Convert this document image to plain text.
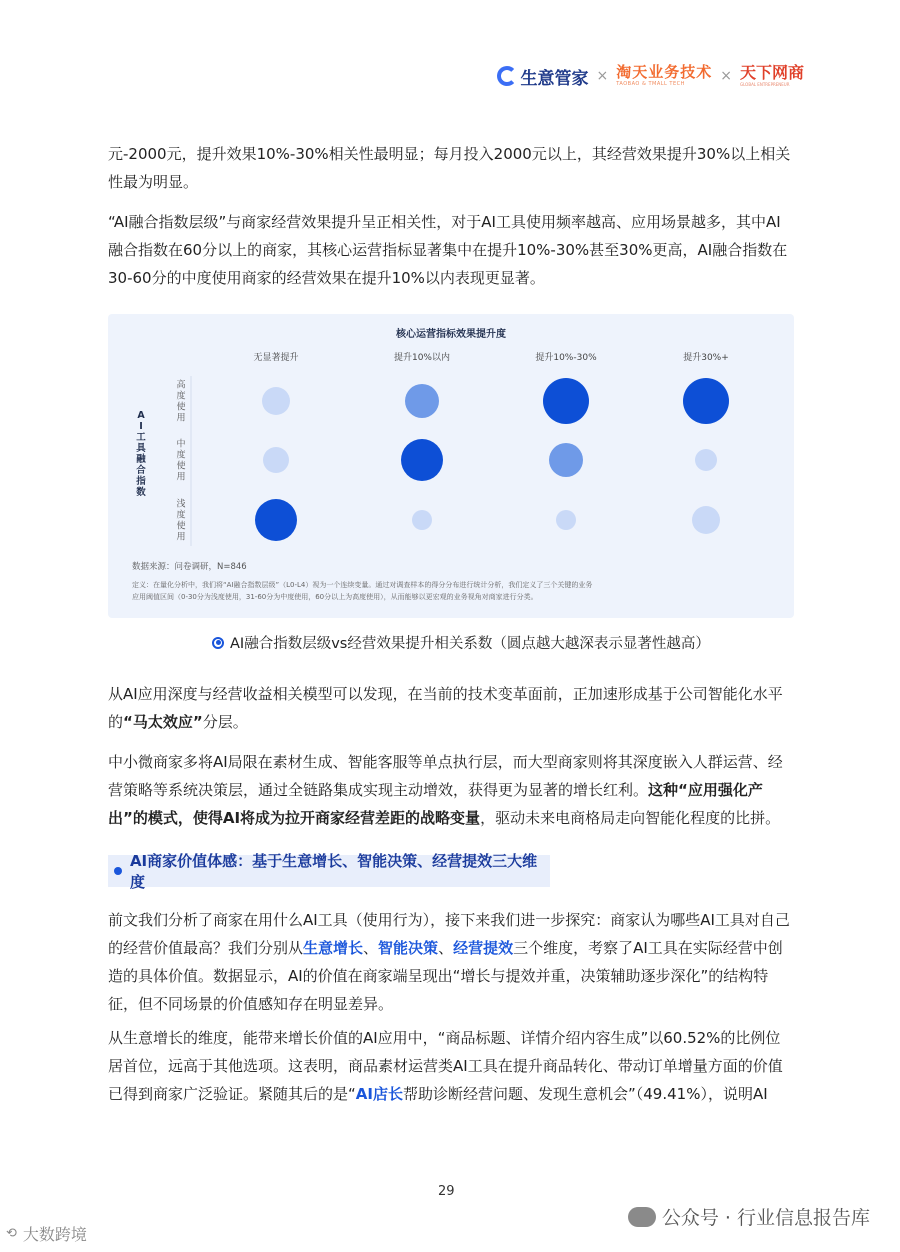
生意管家 × 淘天业务技术
TAOBAO & TMALL TECH	× 天下网商
GLOBAL ENTREPRENEUR

元-2000元，提升效果10%-30%相关性最明显；每月投入2000元以上，其经营效果提升30%以上相关性最为明显。

“AI融合指数层级”与商家经营效果提升呈正相关性，对于AI工具使用频率越高、应用场景越多，其中AI融合指数在60分以上的商家，其核心运营指标显著集中在提升10%-30%甚至30%更高，AI融合指数在30-60分的中度使用商家的经营效果在提升10%以内表现更显著。

核心运营指标效果提升度
无显著提升	提升10%以内	提升10%-30%	提升30%+
A
I
工
具
融
合
指
数
高
度
使
用
中
度
使
用
浅
度
使
用
数据来源：问卷调研，N=846
定义：在量化分析中，我们将“AI融合指数层级”（L0-L4）视为一个连续变量。通过对调查样本的得分分布进行统计分析，我们定义了三个关键的业务
应用阈值区间（0-30分为浅度使用，31-60分为中度使用，60分以上为高度使用），从而能够以更宏观的业务视角对商家进行分类。
AI融合指数层级vs经营效果提升相关系数（圆点越大越深表示显著性越高）

从AI应用深度与经营收益相关模型可以发现，在当前的技术变革面前，正加速形成基于公司智能化水平的“马太效应”分层。

中小微商家多将AI局限在素材生成、智能客服等单点执行层，而大型商家则将其深度嵌入人群运营、经营策略等系统决策层，通过全链路集成实现主动增效，获得更为显著的增长红利。这种“应用强化产出”的模式，使得AI将成为拉开商家经营差距的战略变量，驱动未来电商格局走向智能化程度的比拼。

AI商家价值体感：基于生意增长、智能决策、经营提效三大维度

前文我们分析了商家在用什么AI工具（使用行为），接下来我们进一步探究：商家认为哪些AI工具对自己的经营价值最高？我们分别从生意增长、智能决策、经营提效三个维度，考察了AI工具在实际经营中创造的具体价值。数据显示，AI的价值在商家端呈现出“增长与提效并重，决策辅助逐步深化”的结构特征，但不同场景的价值感知存在明显差异。

从生意增长的维度，能带来增长价值的AI应用中，“商品标题、详情介绍内容生成”以60.52%的比例位居首位，远高于其他选项。这表明，商品素材运营类AI工具在提升商品转化、带动订单增量方面的价值已得到商家广泛验证。紧随其后的是“AI店长帮助诊断经营问题、发现生意机会”（49.41%），说明AI

29
公众号 · 行业信息报告库
⟲ 大数跨境
